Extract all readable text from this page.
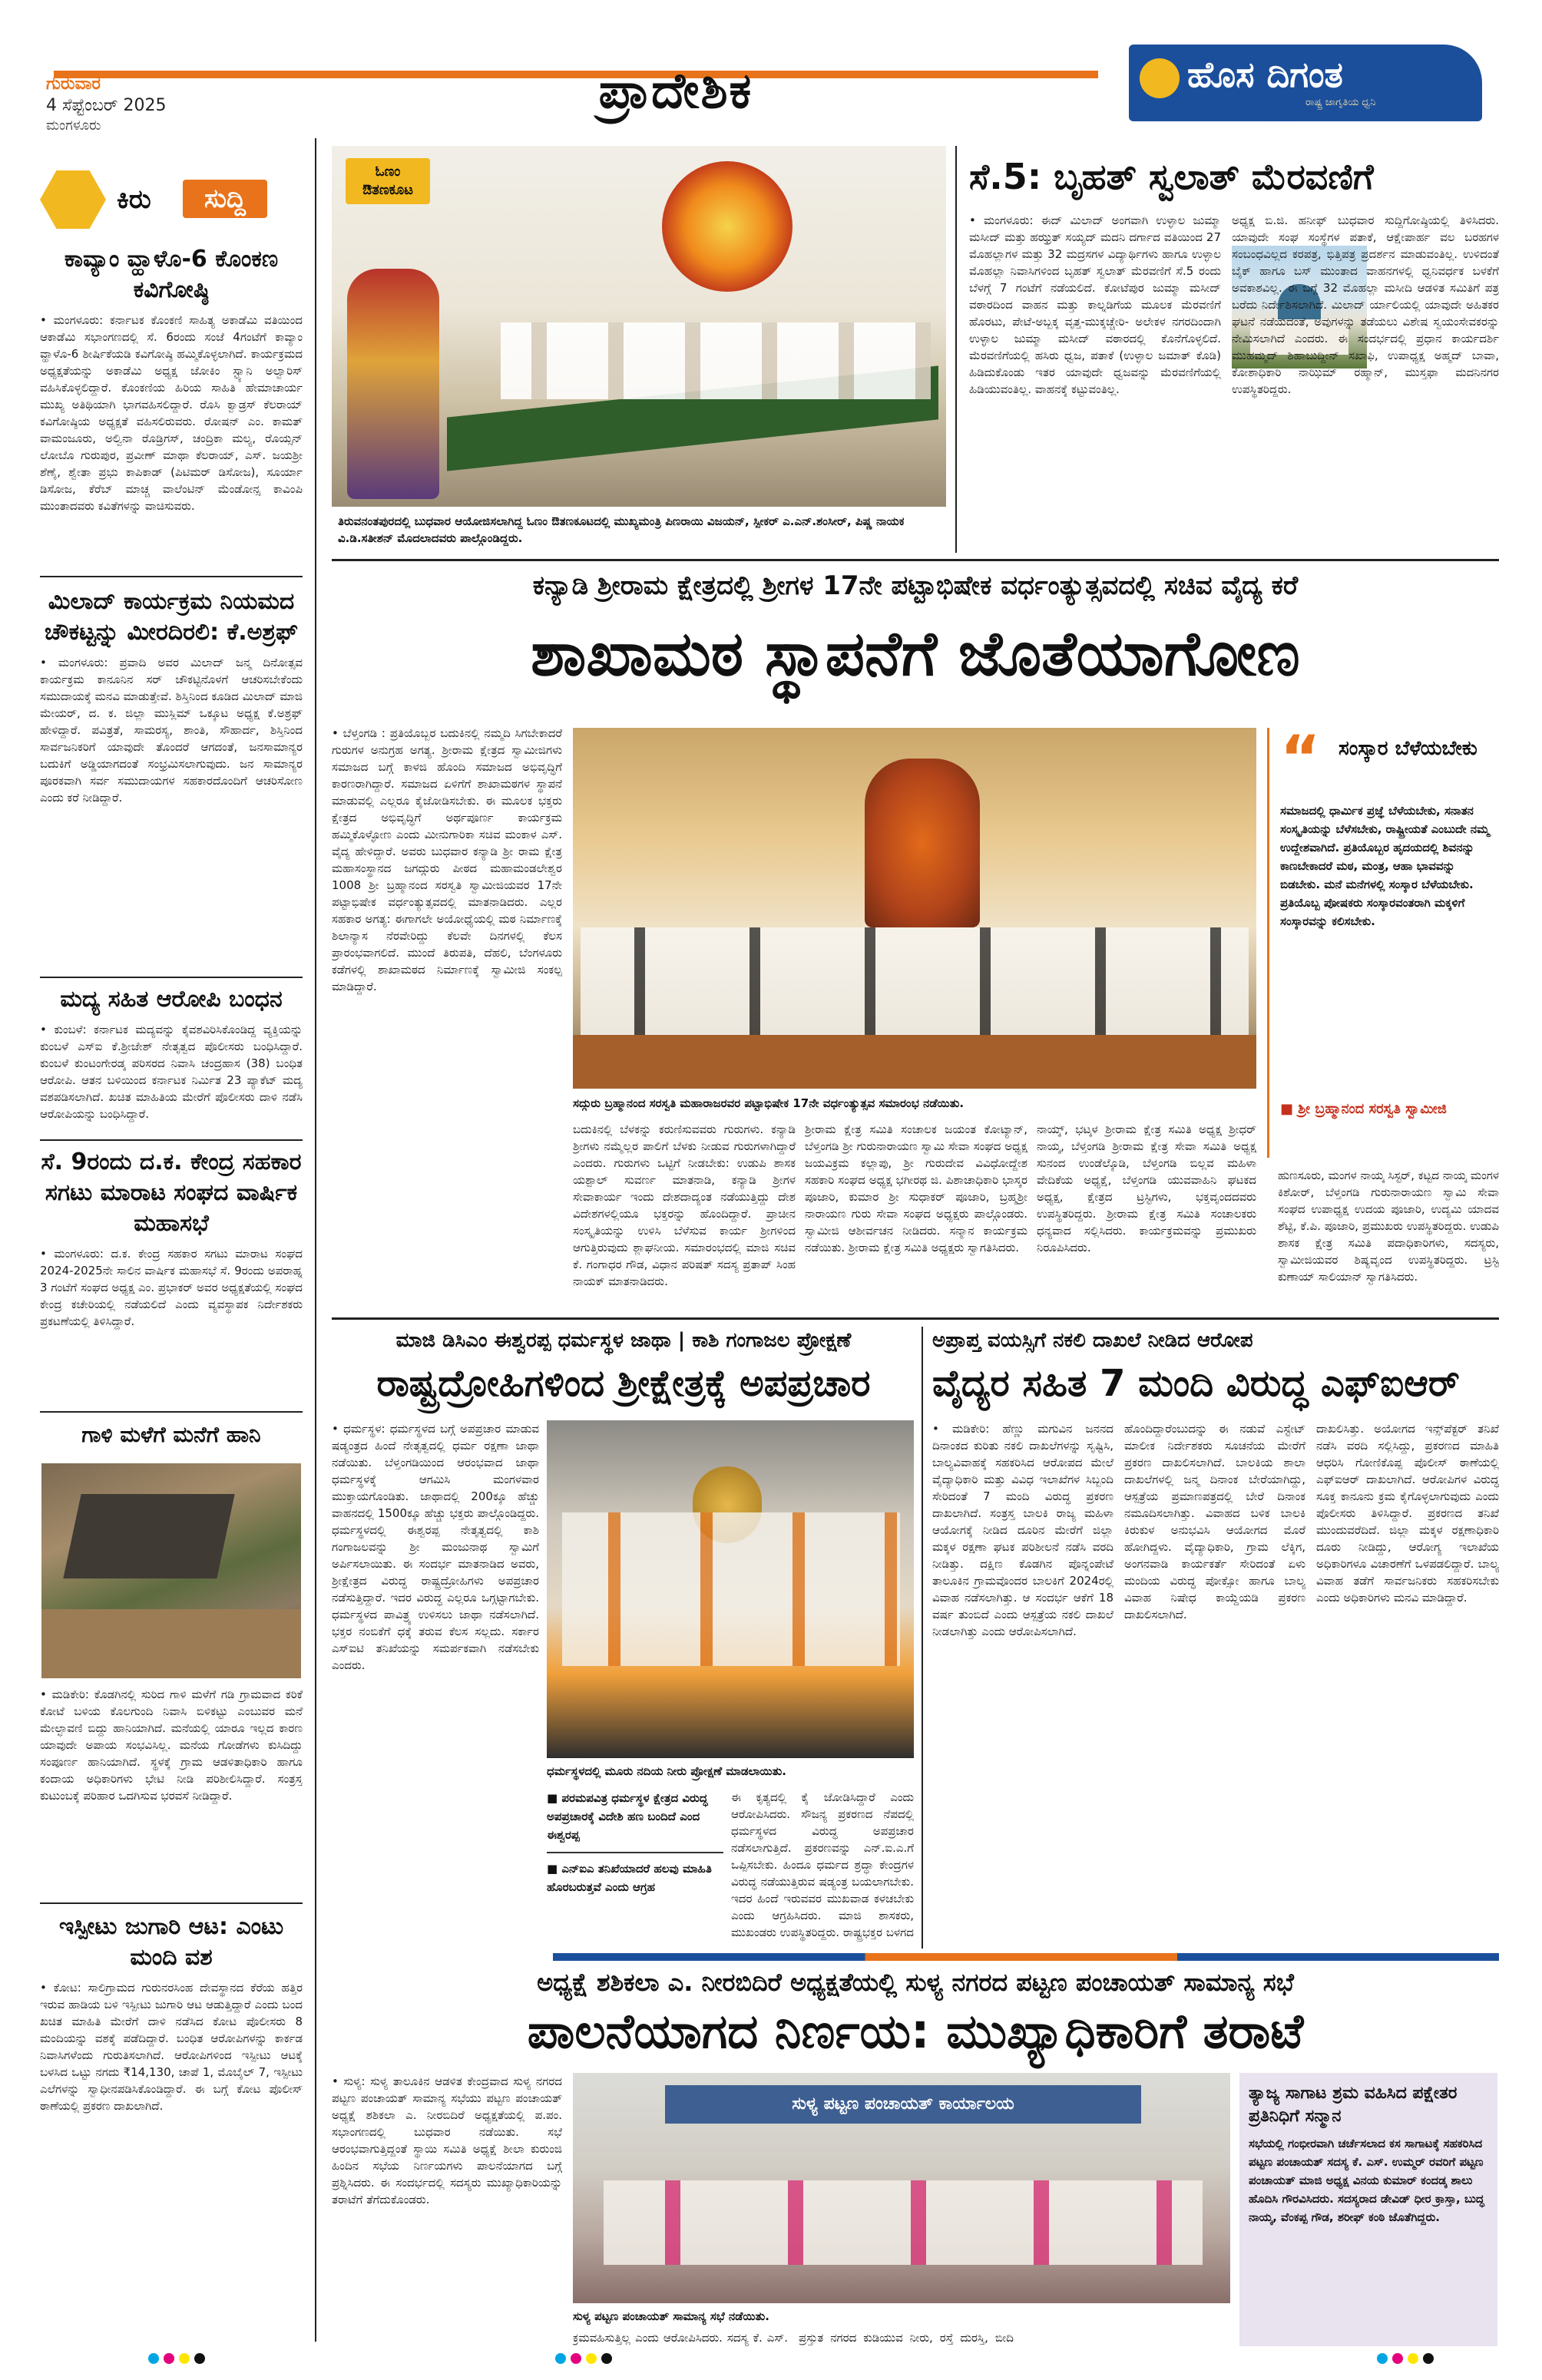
ಗುರುವಾರ
4 ಸೆಪ್ಟೆಂಬರ್ 2025
ಮಂಗಳೂರು
ಪ್ರಾದೇಶಿಕ	ಹೊಸ ದಿಗಂತ
ರಾಷ್ಟ್ರ ಜಾಗೃತಿಯ ಧ್ವನಿ
೦೭
ಕಿರು	ಸುದ್ದಿ
ಕಾವ್ಯಾಂ ವ್ಹಾಳೊ-6 ಕೊಂಕಣ ಕವಿಗೋಷ್ಠಿ
• ಮಂಗಳೂರು: ಕರ್ನಾಟಕ ಕೊಂಕಣಿ ಸಾಹಿತ್ಯ ಅಕಾಡೆಮಿ ವತಿಯಿಂದ ಆಕಾಡೆಮಿ ಸಭಾಂಗಣದಲ್ಲಿ ಸೆ. 6ರಂದು ಸಂಜೆ 4ಗಂಟೆಗೆ ಕಾವ್ಯಾಂ ವ್ಹಾಳೊ-6 ಶೀರ್ಷಿಕೆಯಡಿ ಕವಿಗೋಷ್ಠಿ ಹಮ್ಮಿಕೊಳ್ಳಲಾಗಿದೆ. ಕಾರ್ಯಕ್ರಮದ ಅಧ್ಯಕ್ಷತೆಯನ್ನು ಅಕಾಡೆಮಿ ಅಧ್ಯಕ್ಷ ಜೋಕಿಂ ಸ್ಟ್ಯಾನಿ ಅಲ್ವಾರಿಸ್ ವಹಿಸಿಕೊಳ್ಳಲಿದ್ದಾರೆ. ಕೊಂಕಣಿಯ ಹಿರಿಯ ಸಾಹಿತಿ ಹೇಮಾಚಾರ್ಯ ಮುಖ್ಯ ಅತಿಥಿಯಾಗಿ ಭಾಗವಹಿಸಲಿದ್ದಾರೆ. ರೊಸಿ ಕ್ವಾಡ್ರಸ್ ಕೆಲರಾಯ್ ಕವಿಗೋಷ್ಠಿಯ ಅಧ್ಯಕ್ಷತೆ ವಹಿಸಲಿರುವರು. ರೋಷನ್ ಎಂ. ಕಾಮತ್ ವಾಮಂಜೂರು, ಅಲ್ವಿನಾ ರೊಡ್ರಿಗಸ್, ಚಂದ್ರಿಕಾ ಮಲ್ಯ, ರೊಯ್ಸನ್ ಲೋಬೊ ಗುರುಪುರ, ಪ್ರವೀಣ್ ಮಾಥಾ ಕೆಲರಾಯ್, ಎಸ್. ಜಯಶ್ರೀ ಶೆಣೈ, ಶ್ವೇತಾ ಪ್ರಭು ಕಾಪಿಕಾಡ್ (ಪಿಟಿಮರ್ ಡಿಸೋಜ), ಸೂರ್ಯಾ ಡಿಸೋಜ, ಕೆರೆಬ್ ಮಾಚ್ಚ ವಾಲೆಂಟಿನ್ ಮೆಂಡೋನ್ಸ ಕಾವಿಂಪಿ ಮುಂತಾದವರು ಕವಿತೆಗಳನ್ನು ವಾಚಿಸುವರು.
ಮಿಲಾದ್ ಕಾರ್ಯಕ್ರಮ ನಿಯಮದ ಚೌಕಟ್ಟನ್ನು ಮೀರದಿರಲಿ: ಕೆ.ಅಶ್ರಫ್
• ಮಂಗಳೂರು: ಪ್ರವಾದಿ ಅವರ ಮಿಲಾದ್ ಜನ್ಮ ದಿನೋತ್ಸವ ಕಾರ್ಯಕ್ರಮ ಕಾನೂನಿನ ಸರ್ ಚೌಕಟ್ಟಿನೊಳಗೆ ಆಚರಿಸಬೇಕೆಂದು ಸಮುದಾಯಕ್ಕೆ ಮನವಿ ಮಾಡುತ್ತೇವೆ. ಶಿಸ್ತಿನಿಂದ ಕೂಡಿದ ಮಿಲಾದ್ ಮಾಜಿ ಮೇಯರ್, ದ. ಕ. ಜಿಲ್ಲಾ ಮುಸ್ಲಿಮ್ ಒಕ್ಕೂಟ ಅಧ್ಯಕ್ಷ ಕೆ.ಅಶ್ರಫ್ ಹೇಳಿದ್ದಾರೆ. ಪವಿತ್ರತೆ, ಸಾಮರಸ್ಯ, ಶಾಂತಿ, ಸೌಹಾರ್ದ, ಶಿಸ್ತಿನಿಂದ ಸಾರ್ವಜನಿಕರಿಗೆ ಯಾವುದೇ ತೊಂದರೆ ಆಗದಂತೆ, ಜನಸಾಮಾನ್ಯರ ಬದುಕಿಗೆ ಅಡ್ಡಿಯಾಗದಂತೆ ಸಂಭ್ರಮಿಸಲಾಗುವುದು. ಜನ ಸಾಮಾನ್ಯರ ಪೂರಕವಾಗಿ ಸರ್ವ ಸಮುದಾಯಗಳ ಸಹಕಾರದೊಂದಿಗೆ ಆಚರಿಸೋಣ ಎಂದು ಕರೆ ನೀಡಿದ್ದಾರೆ.
ಮದ್ಯ ಸಹಿತ ಆರೋಪಿ ಬಂಧನ
• ಕುಂಬಳೆ: ಕರ್ನಾಟಕ ಮದ್ಯವನ್ನು ಕೈವಶವಿರಿಸಿಕೊಂಡಿದ್ದ ವ್ಯಕ್ತಿಯನ್ನು ಕುಂಬಳೆ ಎಸ್ಐ ಕೆ.ಶ್ರೀಜೇಶ್ ನೇತೃತ್ವದ ಪೊಲೀಸರು ಬಂಧಿಸಿದ್ದಾರೆ. ಕುಂಬಳೆ ಕುಂಟಂಗೇರಡ್ಕ ಪರಿಸರದ ನಿವಾಸಿ ಚಂದ್ರಹಾಸ (38) ಬಂಧಿತ ಆರೋಪಿ. ಆತನ ಬಳಿಯಿಂದ ಕರ್ನಾಟಕ ನಿರ್ಮಿತ 23 ಪ್ಯಾಕೆಟ್ ಮದ್ಯ ವಶಪಡಿಸಲಾಗಿದೆ. ಖಚಿತ ಮಾಹಿತಿಯ ಮೇರೆಗೆ ಪೊಲೀಸರು ದಾಳಿ ನಡೆಸಿ ಆರೋಪಿಯನ್ನು ಬಂಧಿಸಿದ್ದಾರೆ.
ಸೆ. 9ರಂದು ದ.ಕ. ಕೇಂದ್ರ ಸಹಕಾರ ಸಗಟು ಮಾರಾಟ ಸಂಘದ ವಾರ್ಷಿಕ ಮಹಾಸಭೆ
• ಮಂಗಳೂರು: ದ.ಕ. ಕೇಂದ್ರ ಸಹಕಾರ ಸಗಟು ಮಾರಾಟ ಸಂಘದ 2024-2025ನೇ ಸಾಲಿನ ವಾರ್ಷಿಕ ಮಹಾಸಭೆ ಸೆ. 9ರಂದು ಅಪರಾಹ್ನ 3 ಗಂಟೆಗೆ ಸಂಘದ ಅಧ್ಯಕ್ಷ ಎಂ. ಪ್ರಭಾಕರ್ ಅವರ ಅಧ್ಯಕ್ಷತೆಯಲ್ಲಿ ಸಂಘದ ಕೇಂದ್ರ ಕಚೇರಿಯಲ್ಲಿ ನಡೆಯಲಿದೆ ಎಂದು ವ್ಯವಸ್ಥಾಪಕ ನಿರ್ದೇಶಕರು ಪ್ರಕಟಣೆಯಲ್ಲಿ ತಿಳಿಸಿದ್ದಾರೆ.
ಗಾಳಿ ಮಳೆಗೆ ಮನೆಗೆ ಹಾನಿ
• ಮಡಿಕೇರಿ: ಕೊಡಗಿನಲ್ಲಿ ಸುರಿದ ಗಾಳಿ ಮಳೆಗೆ ಗಡಿ ಗ್ರಾಮವಾದ ಕರಿಕೆ ಕೋಟೆ ಬಳಿಯ ಕೊಲಗುಂದಿ ನಿವಾಸಿ ಬಿಳಿಕಟ್ಟು ಎಂಬುವರ ಮನೆ ಮೇಲ್ಛಾವಣಿ ಬಿದ್ದು ಹಾನಿಯಾಗಿದೆ. ಮನೆಯಲ್ಲಿ ಯಾರೂ ಇಲ್ಲದ ಕಾರಣ ಯಾವುದೇ ಅಪಾಯ ಸಂಭವಿಸಿಲ್ಲ. ಮನೆಯ ಗೋಡೆಗಳು ಕುಸಿದಿದ್ದು ಸಂಪೂರ್ಣ ಹಾನಿಯಾಗಿದೆ. ಸ್ಥಳಕ್ಕೆ ಗ್ರಾಮ ಆಡಳಿತಾಧಿಕಾರಿ ಹಾಗೂ ಕಂದಾಯ ಅಧಿಕಾರಿಗಳು ಭೇಟಿ ನೀಡಿ ಪರಿಶೀಲಿಸಿದ್ದಾರೆ. ಸಂತ್ರಸ್ತ ಕುಟುಂಬಕ್ಕೆ ಪರಿಹಾರ ಒದಗಿಸುವ ಭರವಸೆ ನೀಡಿದ್ದಾರೆ.
ಇಸ್ಪೀಟು ಜುಗಾರಿ ಆಟ: ಎಂಟು ಮಂದಿ ವಶ
• ಕೋಟ: ಸಾಲಿಗ್ರಾಮದ ಗುರುನರಸಿಂಹ ದೇವಸ್ಥಾನದ ಕೆರೆಯ ಹತ್ತಿರ ಇರುವ ಹಾಡಿಯ ಬಳಿ ಇಸ್ಪೀಟು ಜುಗಾರಿ ಆಟ ಆಡುತ್ತಿದ್ದಾರೆ ಎಂದು ಬಂದ ಖಚಿತ ಮಾಹಿತಿ ಮೇರೆಗೆ ದಾಳಿ ನಡೆಸಿದ ಕೋಟ ಪೊಲೀಸರು 8 ಮಂದಿಯನ್ನು ವಶಕ್ಕೆ ಪಡೆದಿದ್ದಾರೆ. ಬಂಧಿತ ಆರೋಪಿಗಳನ್ನು ಕಾರ್ಕಡ ನಿವಾಸಿಗಳೆಂದು ಗುರುತಿಸಲಾಗಿದೆ. ಆರೋಪಿಗಳಿಂದ ಇಸ್ಪೀಟು ಆಟಕ್ಕೆ ಬಳಸಿದ ಒಟ್ಟು ನಗದು ₹14,130, ಚಾಪೆ 1, ಮೊಬೈಲ್ 7, ಇಸ್ಪೀಟು ಎಲೆಗಳನ್ನು ಸ್ವಾಧೀನಪಡಿಸಿಕೊಂಡಿದ್ದಾರೆ. ಈ ಬಗ್ಗೆ ಕೋಟ ಪೊಲೀಸ್ ಠಾಣೆಯಲ್ಲಿ ಪ್ರಕರಣ ದಾಖಲಾಗಿದೆ.
ಓಣಂ ಔತಣಕೂಟ
ತಿರುವನಂತಪುರದಲ್ಲಿ ಬುಧವಾರ ಆಯೋಜಿಸಲಾಗಿದ್ದ ಓಣಂ ಔತಣಕೂಟದಲ್ಲಿ ಮುಖ್ಯಮಂತ್ರಿ ಪಿಣರಾಯಿ ವಿಜಯನ್, ಸ್ಪೀಕರ್ ಎ.ಎನ್.ಶಂಸೀರ್, ಪಿಷ್ಣ ನಾಯಕ ವಿ.ಡಿ.ಸತೀಶನ್ ಮೊದಲಾದವರು ಪಾಲ್ಗೊಂಡಿದ್ದರು.
ಸೆ.5: ಬೃಹತ್ ಸ್ವಲಾತ್ ಮೆರವಣಿಗೆ
• ಮಂಗಳೂರು: ಈದ್ ಮಿಲಾದ್ ಅಂಗವಾಗಿ ಉಳ್ಳಾಲ ಜುಮ್ಮಾ ಮಸೀದ್ ಮತ್ತು ಹಝ್ರತ್ ಸಯ್ಯದ್ ಮದನಿ ದರ್ಗಾದ ವತಿಯಿಂದ 27 ಮೊಹಲ್ಲಾಗಳ ಮತ್ತು 32 ಮದ್ರಸಗಳ ವಿದ್ಯಾರ್ಥಿಗಳು ಹಾಗೂ ಉಳ್ಳಾಲ ಮೊಹಲ್ಲಾ ನಿವಾಸಿಗಳಿಂದ ಬೃಹತ್ ಸ್ವಲಾತ್ ಮೆರವಣಿಗೆ ಸೆ.5 ರಂದು ಬೆಳಗ್ಗೆ 7 ಗಂಟೆಗೆ ನಡೆಯಲಿದೆ. ಕೋಟೆಪುರ ಜುಮ್ಮಾ ಮಸೀದ್ ವಠಾರದಿಂದ ವಾಹನ ಮತ್ತು ಕಾಲ್ನಡಿಗೆಯ ಮೂಲಕ ಮೆರವಣಿಗೆ ಹೊರಟು, ಪೇಟೆ-ಅಬ್ಬಕ್ಕ ವೃತ್ತ-ಮುಕ್ಕಚ್ಚೇರಿ- ಅಲೇಕಳ ನಗರದಿಂದಾಗಿ ಉಳ್ಳಾಲ ಜುಮ್ಮಾ ಮಸೀದ್ ವಠಾರದಲ್ಲಿ ಕೊನೆಗೊಳ್ಳಲಿದೆ. ಮೆರವಣಿಗೆಯಲ್ಲಿ ಹಸಿರು ಧ್ವಜ, ಪತಾಕೆ (ಉಳ್ಳಾಲ ಜಮಾತ್ ಕೊಡಿ) ಹಿಡಿದುಕೊಂಡು ಇತರ ಯಾವುದೇ ಧ್ವಜವನ್ನು ಮೆರವಣಿಗೆಯಲ್ಲಿ ಹಿಡಿಯುವಂತಿಲ್ಲ. ವಾಹನಕ್ಕೆ ಕಟ್ಟುವಂತಿಲ್ಲ.
ಅಧ್ಯಕ್ಷ ಬಿ.ಜಿ. ಹನೀಫ್ ಬುಧವಾರ ಸುದ್ದಿಗೋಷ್ಠಿಯಲ್ಲಿ ತಿಳಿಸಿದರು. ಯಾವುದೇ ಸಂಘ ಸಂಸ್ಥೆಗಳ ಪತಾಕೆ, ಆಕ್ಷೇಪಾರ್ಹ ವಲ ಬರಹಗಳ ಸಂಬಂಧವಿಲ್ಲದ ಕರಪತ್ರ, ಭಿತ್ತಿಪತ್ರ ಪ್ರದರ್ಶನ ಮಾಡುವಂತಿಲ್ಲ. ಉಳಿದಂತೆ ಬೈಕ್ ಹಾಗೂ ಬಸ್ ಮುಂತಾದ ವಾಹನಗಳಲ್ಲಿ ಧ್ವನಿವರ್ಧಕ ಬಳಕೆಗೆ ಅವಕಾಶವಿಲ್ಲ. ಈ ಬಗ್ಗೆ 32 ಮೊಹಲ್ಲಾ ಮಸೀದಿ ಆಡಳಿತ ಸಮಿತಿಗೆ ಪತ್ರ ಬರೆದು ನಿರ್ದೇಶಿಸಲಾಗಿದೆ. ಮಿಲಾದ್ ರ್ಯಾಲಿಯಲ್ಲಿ ಯಾವುದೇ ಅಹಿತಕರ ಘಟನೆ ನಡೆಯದಂತೆ, ಅವುಗಳನ್ನು ತಡೆಯಲು ವಿಶೇಷ ಸ್ವಯಂಸೇವಕರನ್ನು ನೇಮಿಸಲಾಗಿದೆ ಎಂದರು. ಈ ಸಂದರ್ಭದಲ್ಲಿ ಪ್ರಧಾನ ಕಾರ್ಯದರ್ಶಿ ಮುಹಮ್ಮದ್ ಶಿಹಾಬುದ್ದೀನ್ ಸಖಾಫಿ, ಉಪಾಧ್ಯಕ್ಷ ಅಹ್ಮದ್ ಬಾವಾ, ಕೋಶಾಧಿಕಾರಿ ನಾಝಿಮ್ ರಹ್ಮಾನ್, ಮುಸ್ತಫಾ ಮದನಿನಗರ ಉಪಸ್ಥಿತರಿದ್ದರು.
ಕನ್ಯಾಡಿ ಶ್ರೀರಾಮ ಕ್ಷೇತ್ರದಲ್ಲಿ ಶ್ರೀಗಳ 17ನೇ ಪಟ್ಟಾಭಿಷೇಕ ವರ್ಧಂತ್ಯುತ್ಸವದಲ್ಲಿ ಸಚಿವ ವೈದ್ಯ ಕರೆ
ಶಾಖಾಮಠ ಸ್ಥಾಪನೆಗೆ ಜೊತೆಯಾಗೋಣ
• ಬೆಳ್ತಂಗಡಿ : ಪ್ರತಿಯೊಬ್ಬರ ಬದುಕಿನಲ್ಲಿ ನಮ್ಮದಿ ಸಿಗಬೇಕಾದರೆ ಗುರುಗಳ ಅನುಗ್ರಹ ಅಗತ್ಯ. ಶ್ರೀರಾಮ ಕ್ಷೇತ್ರದ ಸ್ವಾಮೀಜಿಗಳು ಸಮಾಜದ ಬಗ್ಗೆ ಕಾಳಜಿ ಹೊಂದಿ ಸಮಾಜದ ಅಭಿವೃದ್ಧಿಗೆ ಕಾರಣರಾಗಿದ್ದಾರೆ. ಸಮಾಜದ ಏಳಿಗೆಗೆ ಶಾಖಾಮಠಗಳ ಸ್ಥಾಪನೆ ಮಾಡುವಲ್ಲಿ ಎಲ್ಲರೂ ಕೈಜೋಡಿಸಬೇಕು. ಈ ಮೂಲಕ ಭಕ್ತರು ಕ್ಷೇತ್ರದ ಅಭಿವೃದ್ಧಿಗೆ ಅರ್ಥಪೂರ್ಣ ಕಾರ್ಯಕ್ರಮ ಹಮ್ಮಿಕೊಳ್ಳೋಣ ಎಂದು ಮೀನುಗಾರಿಕಾ ಸಚಿವ ಮಂಕಾಳ ಎಸ್. ವೈದ್ಯ ಹೇಳಿದ್ದಾರೆ. ಅವರು ಬುಧವಾರ ಕನ್ಯಾಡಿ ಶ್ರೀ ರಾಮ ಕ್ಷೇತ್ರ ಮಹಾಸಂಸ್ಥಾನದ ಜಗದ್ಗುರು ಪೀಠದ ಮಹಾಮಂಡಲೇಶ್ವರ 1008 ಶ್ರೀ ಬ್ರಹ್ಮಾನಂದ ಸರಸ್ವತಿ ಸ್ವಾಮೀಜಿಯವರ 17ನೇ ಪಟ್ಟಾಭಿಷೇಕ ವರ್ಧಂತ್ಯುತ್ಸವದಲ್ಲಿ ಮಾತನಾಡಿದರು. ಎಲ್ಲರ ಸಹಕಾರ ಅಗತ್ಯ: ಈಗಾಗಲೇ ಅಯೋಧ್ಯೆಯಲ್ಲಿ ಮಠ ನಿರ್ಮಾಣಕ್ಕೆ ಶಿಲಾನ್ಯಾಸ ನೆರವೇರಿದ್ದು ಕೆಲವೇ ದಿನಗಳಲ್ಲಿ ಕೆಲಸ ಪ್ರಾರಂಭವಾಗಲಿದೆ. ಮುಂದೆ ತಿರುಪತಿ, ದೆಹಲಿ, ಬೆಂಗಳೂರು ಕಡೆಗಳಲ್ಲಿ ಶಾಖಾಮಠದ ನಿರ್ಮಾಣಕ್ಕೆ ಸ್ವಾಮೀಜಿ ಸಂಕಲ್ಪ ಮಾಡಿದ್ದಾರೆ.
ಸದ್ಗುರು ಬ್ರಹ್ಮಾನಂದ ಸರಸ್ವತಿ ಮಹಾರಾಜರವರ ಪಟ್ಟಾಭಿಷೇಕ 17ನೇ ವರ್ಧಂತ್ಯುತ್ಸವ ಸಮಾರಂಭ ನಡೆಯಿತು.
“ ಸಂಸ್ಕಾರ ಬೆಳೆಯಬೇಕು
ಸಮಾಜದಲ್ಲಿ ಧಾರ್ಮಿಕ ಪ್ರಜ್ಞೆ ಬೆಳೆಯಬೇಕು, ಸನಾತನ ಸಂಸ್ಕೃತಿಯನ್ನು ಬೆಳೆಸಬೇಕು, ರಾಷ್ಟ್ರೀಯತೆ ಎಂಬುದೇ ನಮ್ಮ ಉದ್ದೇಶವಾಗಿದೆ. ಪ್ರತಿಯೊಬ್ಬರ ಹೃದಯದಲ್ಲಿ ಶಿವನನ್ನು ಕಾಣಬೇಕಾದರೆ ಮಠ, ಮಂತ್ರ, ಆಹಾ ಭಾವವನ್ನು ಬಿಡಬೇಕು. ಮನೆ ಮನೆಗಳಲ್ಲಿ ಸಂಸ್ಕಾರ ಬೆಳೆಯಬೇಕು. ಪ್ರತಿಯೊಬ್ಬ ಪೋಷಕರು ಸಂಸ್ಕಾರವಂತರಾಗಿ ಮಕ್ಕಳಿಗೆ ಸಂಸ್ಕಾರವನ್ನು ಕಲಿಸಬೇಕು.
■ ಶ್ರೀ ಬ್ರಹ್ಮಾನಂದ ಸರಸ್ವತಿ ಸ್ವಾಮೀಜಿ
ಬದುಕಿನಲ್ಲಿ ಬೆಳಕನ್ನು ಕರುಣಿಸುವವರು ಗುರುಗಳು. ಕನ್ಯಾಡಿ ಶ್ರೀಗಳು ನಮ್ಮೆಲ್ಲರ ಪಾಲಿಗೆ ಬೆಳಕು ನೀಡುವ ಗುರುಗಳಾಗಿದ್ದಾರೆ ಎಂದರು. ಗುರುಗಳು ಒಟ್ಟಿಗೆ ನೀಡಬೇಕು: ಉಡುಪಿ ಶಾಸಕ ಯಶ್ಪಾಲ್ ಸುವರ್ಣ ಮಾತನಾಡಿ, ಕನ್ಯಾಡಿ ಶ್ರೀಗಳ ಸೇವಾಕಾರ್ಯ ಇಂದು ದೇಶದಾದ್ಯಂತ ನಡೆಯುತ್ತಿದ್ದು ದೇಶ ವಿದೇಶಗಳಲ್ಲಿಯೂ ಭಕ್ತರನ್ನು ಹೊಂದಿದ್ದಾರೆ. ಪ್ರಾಚೀನ ಸಂಸ್ಕೃತಿಯನ್ನು ಉಳಿಸಿ ಬೆಳೆಸುವ ಕಾರ್ಯ ಶ್ರೀಗಳಿಂದ ಆಗುತ್ತಿರುವುದು ಶ್ಲಾಘನೀಯ. ಸಮಾರಂಭದಲ್ಲಿ ಮಾಜಿ ಸಚಿವ ಕೆ. ಗಂಗಾಧರ ಗೌಡ, ವಿಧಾನ ಪರಿಷತ್ ಸದಸ್ಯ ಪ್ರತಾಪ್ ಸಿಂಹ ನಾಯಕ್ ಮಾತನಾಡಿದರು.
ಶ್ರೀರಾಮ ಕ್ಷೇತ್ರ ಸಮಿತಿ ಸಂಚಾಲಕ ಜಯಂತ ಕೋಟ್ಯಾನ್, ಬೆಳ್ತಂಗಡಿ ಶ್ರೀ ಗುರುನಾರಾಯಣ ಸ್ವಾಮಿ ಸೇವಾ ಸಂಘದ ಅಧ್ಯಕ್ಷ ಜಯವಿಕ್ರಮ ಕಲ್ಲಾಪು, ಶ್ರೀ ಗುರುದೇವ ವಿವಿಧೋದ್ದೇಶ ಸಹಕಾರಿ ಸಂಘದ ಅಧ್ಯಕ್ಷ ಭಗೀರಥ ಜಿ. ಪಿಶಾಚಾಧಿಕಾರಿ ಭಾಸ್ಕರ ಪೂಜಾರಿ, ಕುಮಾರ ಶ್ರೀ ಸುಧಾಕರ್ ಪೂಜಾರಿ, ಬ್ರಹ್ಮಶ್ರೀ ನಾರಾಯಣ ಗುರು ಸೇವಾ ಸಂಘದ ಅಧ್ಯಕ್ಷರು ಪಾಲ್ಗೊಂಡರು. ಸ್ವಾಮೀಜಿ ಆಶೀರ್ವಚನ ನೀಡಿದರು. ಸನ್ಮಾನ ಕಾರ್ಯಕ್ರಮ ನಡೆಯಿತು. ಶ್ರೀರಾಮ ಕ್ಷೇತ್ರ ಸಮಿತಿ ಅಧ್ಯಕ್ಷರು ಸ್ವಾಗತಿಸಿದರು.
ನಾಯ್ಕ್, ಭಟ್ಕಳ ಶ್ರೀರಾಮ ಕ್ಷೇತ್ರ ಸಮಿತಿ ಅಧ್ಯಕ್ಷ ಶ್ರೀಧರ್ ನಾಯ್ಕ, ಬೆಳ್ತಂಗಡಿ ಶ್ರೀರಾಮ ಕ್ಷೇತ್ರ ಸೇವಾ ಸಮಿತಿ ಅಧ್ಯಕ್ಷ ಸುನಂದ ಉಂಡೆಲ್ಕೊಡಿ, ಬೆಳ್ತಂಗಡಿ ಬಿಲ್ಲವ ಮಹಿಳಾ ವೇದಿಕೆಯ ಅಧ್ಯಕ್ಷೆ, ಬೆಳ್ತಂಗಡಿ ಯುವವಾಹಿನಿ ಘಟಕದ ಅಧ್ಯಕ್ಷ, ಕ್ಷೇತ್ರದ ಟ್ರಸ್ಟಿಗಳು, ಭಕ್ತವೃಂದದವರು ಉಪಸ್ಥಿತರಿದ್ದರು. ಶ್ರೀರಾಮ ಕ್ಷೇತ್ರ ಸಮಿತಿ ಸಂಚಾಲಕರು ಧನ್ಯವಾದ ಸಲ್ಲಿಸಿದರು. ಕಾರ್ಯಕ್ರಮವನ್ನು ಪ್ರಮುಖರು ನಿರೂಪಿಸಿದರು.
ಹುಣಸೂರು, ಮಂಗಳ ನಾಯ್ಕ ಸಿಸ್ಟರ್, ಕಟ್ಟದ ನಾಯ್ಕ ಮಂಗಳ ಕಿಶೋರ್, ಬೆಳ್ತಂಗಡಿ ಗುರುನಾರಾಯಣ ಸ್ವಾಮಿ ಸೇವಾ ಸಂಘದ ಉಪಾಧ್ಯಕ್ಷ ಉದಯ ಪೂಜಾರಿ, ಉದ್ಯಮಿ ಯಾದವ ಶೆಟ್ಟಿ, ಕೆ.ಪಿ. ಪೂಜಾರಿ, ಪ್ರಮುಖರು ಉಪಸ್ಥಿತರಿದ್ದರು. ಉಡುಪಿ ಶಾಸಕ ಕ್ಷೇತ್ರ ಸಮಿತಿ ಪದಾಧಿಕಾರಿಗಳು, ಸದಸ್ಯರು, ಸ್ವಾಮೀಜಿಯವರ ಶಿಷ್ಯವೃಂದ ಉಪಸ್ಥಿತರಿದ್ದರು. ಟ್ರಸ್ಟಿ ಕುಣಾಯ್ ಸಾಲಿಯಾನ್ ಸ್ವಾಗತಿಸಿದರು.
ಮಾಜಿ ಡಿಸಿಎಂ ಈಶ್ವರಪ್ಪ ಧರ್ಮಸ್ಥಳ ಜಾಥಾ | ಕಾಶಿ ಗಂಗಾಜಲ ಪ್ರೋಕ್ಷಣೆ
ರಾಷ್ಟ್ರದ್ರೋಹಿಗಳಿಂದ ಶ್ರೀಕ್ಷೇತ್ರಕ್ಕೆ ಅಪಪ್ರಚಾರ
• ಧರ್ಮಸ್ಥಳ: ಧರ್ಮಸ್ಥಳದ ಬಗ್ಗೆ ಅಪಪ್ರಚಾರ ಮಾಡುವ ಷಡ್ಯಂತ್ರದ ಹಿಂದೆ ನೇತೃತ್ವದಲ್ಲಿ ಧರ್ಮ ರಕ್ಷಣಾ ಜಾಥಾ ನಡೆಯಿತು. ಬೆಳ್ತಂಗಡಿಯಿಂದ ಆರಂಭವಾದ ಜಾಥಾ ಧರ್ಮಸ್ಥಳಕ್ಕೆ ಆಗಮಿಸಿ ಮಂಗಳವಾರ ಮುಕ್ತಾಯಗೊಂಡಿತು. ಜಾಥಾದಲ್ಲಿ 200ಕ್ಕೂ ಹೆಚ್ಚು ವಾಹನದಲ್ಲಿ 1500ಕ್ಕೂ ಹೆಚ್ಚು ಭಕ್ತರು ಪಾಲ್ಗೊಂಡಿದ್ದರು. ಧರ್ಮಸ್ಥಳದಲ್ಲಿ ಈಶ್ವರಪ್ಪ ನೇತೃತ್ವದಲ್ಲಿ ಕಾಶಿ ಗಂಗಾಜಲವನ್ನು ಶ್ರೀ ಮಂಜುನಾಥ ಸ್ವಾಮಿಗೆ ಅರ್ಪಿಸಲಾಯಿತು. ಈ ಸಂದರ್ಭ ಮಾತನಾಡಿದ ಅವರು, ಶ್ರೀಕ್ಷೇತ್ರದ ವಿರುದ್ಧ ರಾಷ್ಟ್ರದ್ರೋಹಿಗಳು ಅಪಪ್ರಚಾರ ನಡೆಸುತ್ತಿದ್ದಾರೆ. ಇದರ ವಿರುದ್ಧ ಎಲ್ಲರೂ ಒಗ್ಗಟ್ಟಾಗಬೇಕು. ಧರ್ಮಸ್ಥಳದ ಪಾವಿತ್ರ್ಯ ಉಳಿಸಲು ಜಾಥಾ ನಡೆಸಲಾಗಿದೆ. ಭಕ್ತರ ನಂಬಿಕೆಗೆ ಧಕ್ಕೆ ತರುವ ಕೆಲಸ ಸಲ್ಲದು. ಸರ್ಕಾರ ಎಸ್ಐಟಿ ತನಿಖೆಯನ್ನು ಸಮರ್ಪಕವಾಗಿ ನಡೆಸಬೇಕು ಎಂದರು.
ಧರ್ಮಸ್ಥಳದಲ್ಲಿ ಮೂರು ನದಿಯ ನೀರು ಪ್ರೋಕ್ಷಣೆ ಮಾಡಲಾಯಿತು.
■ ಪರಮಪವಿತ್ರ ಧರ್ಮಸ್ಥಳ ಕ್ಷೇತ್ರದ ವಿರುದ್ಧ ಅಪಪ್ರಚಾರಕ್ಕೆ ವಿದೇಶಿ ಹಣ ಬಂದಿದೆ ಎಂದ ಈಶ್ವರಪ್ಪ
■ ಎನ್ಐಎ ತನಿಖೆಯಾದರೆ ಹಲವು ಮಾಹಿತಿ ಹೊರಬರುತ್ತವೆ ಎಂದು ಆಗ್ರಹ
ಈ ಕೃತ್ಯದಲ್ಲಿ ಕೈ ಜೋಡಿಸಿದ್ದಾರೆ ಎಂದು ಆರೋಪಿಸಿದರು. ಸೌಜನ್ಯ ಪ್ರಕರಣದ ನೆಪದಲ್ಲಿ ಧರ್ಮಸ್ಥಳದ ವಿರುದ್ಧ ಅಪಪ್ರಚಾರ ನಡೆಸಲಾಗುತ್ತಿದೆ. ಪ್ರಕರಣವನ್ನು ಎನ್.ಐ.ಎ.ಗೆ ಒಪ್ಪಿಸಬೇಕು. ಹಿಂದೂ ಧರ್ಮದ ಶ್ರದ್ಧಾ ಕೇಂದ್ರಗಳ ವಿರುದ್ಧ ನಡೆಯುತ್ತಿರುವ ಷಡ್ಯಂತ್ರ ಬಯಲಾಗಬೇಕು. ಇದರ ಹಿಂದೆ ಇರುವವರ ಮುಖವಾಡ ಕಳಚಬೇಕು ಎಂದು ಆಗ್ರಹಿಸಿದರು. ಮಾಜಿ ಶಾಸಕರು, ಮುಖಂಡರು ಉಪಸ್ಥಿತರಿದ್ದರು. ರಾಷ್ಟ್ರಭಕ್ತರ ಬಳಗದ
ಅಪ್ರಾಪ್ತ ವಯಸ್ಸಿಗೆ ನಕಲಿ ದಾಖಲೆ ನೀಡಿದ ಆರೋಪ
ವೈದ್ಯರ ಸಹಿತ 7 ಮಂದಿ ವಿರುದ್ಧ ಎಫ್ಐಆರ್
• ಮಡಿಕೇರಿ: ಹೆಣ್ಣು ಮಗುವಿನ ಜನನದ ದಿನಾಂಕದ ಕುರಿತು ನಕಲಿ ದಾಖಲೆಗಳನ್ನು ಸೃಷ್ಟಿಸಿ, ಬಾಲ್ಯವಿವಾಹಕ್ಕೆ ಸಹಕರಿಸಿದ ಆರೋಪದ ಮೇಲೆ ವೈದ್ಯಾಧಿಕಾರಿ ಮತ್ತು ವಿವಿಧ ಇಲಾಖೆಗಳ ಸಿಬ್ಬಂದಿ ಸೇರಿದಂತೆ 7 ಮಂದಿ ವಿರುದ್ಧ ಪ್ರಕರಣ ದಾಖಲಾಗಿದೆ. ಸಂತ್ರಸ್ತ ಬಾಲಕಿ ರಾಜ್ಯ ಮಹಿಳಾ ಆಯೋಗಕ್ಕೆ ನೀಡಿದ ದೂರಿನ ಮೇರೆಗೆ ಜಿಲ್ಲಾ ಮಕ್ಕಳ ರಕ್ಷಣಾ ಘಟಕ ಪರಿಶೀಲನೆ ನಡೆಸಿ ವರದಿ ನೀಡಿತ್ತು. ದಕ್ಷಿಣ ಕೊಡಗಿನ ಪೊನ್ನಂಪೇಟೆ ತಾಲೂಕಿನ ಗ್ರಾಮವೊಂದರ ಬಾಲಕಿಗೆ 2024ರಲ್ಲಿ ವಿವಾಹ ನಡೆಸಲಾಗಿತ್ತು. ಆ ಸಂದರ್ಭ ಆಕೆಗೆ 18 ವರ್ಷ ತುಂಬಿದೆ ಎಂದು ಆಸ್ಪತ್ರೆಯ ನಕಲಿ ದಾಖಲೆ ನೀಡಲಾಗಿತ್ತು ಎಂದು ಆರೋಪಿಸಲಾಗಿದೆ.
ಹೊಂದಿದ್ದಾರೆಂಬುದನ್ನು ಈ ನಡುವೆ ಎಸ್ಟೇಟ್ ಮಾಲೀಕ ನಿರ್ದೇಶಕರು ಸೂಚನೆಯ ಮೇರೆಗೆ ಪ್ರಕರಣ ದಾಖಲಿಸಲಾಗಿದೆ. ಬಾಲಕಿಯ ಶಾಲಾ ದಾಖಲೆಗಳಲ್ಲಿ ಜನ್ಮ ದಿನಾಂಕ ಬೇರೆಯಾಗಿದ್ದು, ಆಸ್ಪತ್ರೆಯ ಪ್ರಮಾಣಪತ್ರದಲ್ಲಿ ಬೇರೆ ದಿನಾಂಕ ನಮೂದಿಸಲಾಗಿತ್ತು. ವಿವಾಹದ ಬಳಿಕ ಬಾಲಕಿ ಕಿರುಕುಳ ಅನುಭವಿಸಿ ಆಯೋಗದ ಮೊರೆ ಹೋಗಿದ್ದಳು. ವೈದ್ಯಾಧಿಕಾರಿ, ಗ್ರಾಮ ಲೆಕ್ಕಿಗ, ಅಂಗನವಾಡಿ ಕಾರ್ಯಕರ್ತೆ ಸೇರಿದಂತೆ ಏಳು ಮಂದಿಯ ವಿರುದ್ಧ ಪೋಕ್ಸೋ ಹಾಗೂ ಬಾಲ್ಯ ವಿವಾಹ ನಿಷೇಧ ಕಾಯ್ದೆಯಡಿ ಪ್ರಕರಣ ದಾಖಲಿಸಲಾಗಿದೆ.
ದಾಖಲಿಸಿತ್ತು. ಅಯೋಗದ ಇನ್ಸ್‌ಪೆಕ್ಟರ್ ತನಿಖೆ ನಡೆಸಿ ವರದಿ ಸಲ್ಲಿಸಿದ್ದು, ಪ್ರಕರಣದ ಮಾಹಿತಿ ಆಧರಿಸಿ ಗೋಣಿಕೊಪ್ಪ ಪೊಲೀಸ್ ಠಾಣೆಯಲ್ಲಿ ಎಫ್ಐಆರ್ ದಾಖಲಾಗಿದೆ. ಆರೋಪಿಗಳ ವಿರುದ್ಧ ಸೂಕ್ತ ಕಾನೂನು ಕ್ರಮ ಕೈಗೊಳ್ಳಲಾಗುವುದು ಎಂದು ಪೊಲೀಸರು ತಿಳಿಸಿದ್ದಾರೆ. ಪ್ರಕರಣದ ತನಿಖೆ ಮುಂದುವರೆದಿದೆ. ಜಿಲ್ಲಾ ಮಕ್ಕಳ ರಕ್ಷಣಾಧಿಕಾರಿ ದೂರು ನೀಡಿದ್ದು, ಆರೋಗ್ಯ ಇಲಾಖೆಯ ಅಧಿಕಾರಿಗಳೂ ವಿಚಾರಣೆಗೆ ಒಳಪಡಲಿದ್ದಾರೆ. ಬಾಲ್ಯ ವಿವಾಹ ತಡೆಗೆ ಸಾರ್ವಜನಿಕರು ಸಹಕರಿಸಬೇಕು ಎಂದು ಅಧಿಕಾರಿಗಳು ಮನವಿ ಮಾಡಿದ್ದಾರೆ.
ಅಧ್ಯಕ್ಷೆ ಶಶಿಕಲಾ ಎ. ನೀರಬಿದಿರೆ ಅಧ್ಯಕ್ಷತೆಯಲ್ಲಿ ಸುಳ್ಯ ನಗರದ ಪಟ್ಟಣ ಪಂಚಾಯತ್ ಸಾಮಾನ್ಯ ಸಭೆ
ಪಾಲನೆಯಾಗದ ನಿರ್ಣಯ: ಮುಖ್ಯಾಧಿಕಾರಿಗೆ ತರಾಟೆ
• ಸುಳ್ಯ: ಸುಳ್ಯ ತಾಲೂಕಿನ ಆಡಳಿತ ಕೇಂದ್ರವಾದ ಸುಳ್ಯ ನಗರದ ಪಟ್ಟಣ ಪಂಚಾಯತ್ ಸಾಮಾನ್ಯ ಸಭೆಯು ಪಟ್ಟಣ ಪಂಚಾಯತ್ ಅಧ್ಯಕ್ಷೆ ಶಶಿಕಲಾ ಎ. ನೀರಬಿದಿರೆ ಅಧ್ಯಕ್ಷತೆಯಲ್ಲಿ ಪ.ಪಂ. ಸಭಾಂಗಣದಲ್ಲಿ ಬುಧವಾರ ನಡೆಯಿತು. ಸಭೆ ಆರಂಭವಾಗುತ್ತಿದ್ದಂತೆ ಸ್ಥಾಯಿ ಸಮಿತಿ ಅಧ್ಯಕ್ಷೆ ಶೀಲಾ ಕುರುಂಜಿ ಹಿಂದಿನ ಸಭೆಯ ನಿರ್ಣಯಗಳು ಪಾಲನೆಯಾಗದ ಬಗ್ಗೆ ಪ್ರಶ್ನಿಸಿದರು. ಈ ಸಂದರ್ಭದಲ್ಲಿ ಸದಸ್ಯರು ಮುಖ್ಯಾಧಿಕಾರಿಯನ್ನು ತರಾಟೆಗೆ ತೆಗೆದುಕೊಂಡರು.
ಸುಳ್ಯ ಪಟ್ಟಣ ಪಂಚಾಯತ್ ಕಾರ್ಯಾಲಯ
ಸುಳ್ಯ ಪಟ್ಟಣ ಪಂಚಾಯತ್ ಸಾಮಾನ್ಯ ಸಭೆ ನಡೆಯಿತು.
ಕ್ರಮವಹಿಸುತ್ತಿಲ್ಲ ಎಂದು ಆರೋಪಿಸಿದರು. ಸದಸ್ಯ ಕೆ. ಎಸ್. ಪ್ರಸ್ತುತ ನಗರದ ಕುಡಿಯುವ ನೀರು, ರಸ್ತೆ ದುರಸ್ತಿ, ಬೀದಿ
ತ್ಯಾಜ್ಯ ಸಾಗಾಟ ಶ್ರಮ ವಹಿಸಿದ ಪಕ್ಷೇತರ ಪ್ರತಿನಿಧಿಗೆ ಸನ್ಮಾನ
ಸಭೆಯಲ್ಲಿ ಗಂಭೀರವಾಗಿ ಚರ್ಚೆಸಲಾದ ಕಸ ಸಾಗಾಟಕ್ಕೆ ಸಹಕರಿಸಿದ ಪಟ್ಟಣ ಪಂಚಾಯತ್ ಸದಸ್ಯ ಕೆ. ಎಸ್. ಉಮ್ಮರ್ ರವರಿಗೆ ಪಟ್ಟಣ ಪಂಚಾಯತ್ ಮಾಜಿ ಅಧ್ಯಕ್ಷ ವಿನಯ ಕುಮಾರ್ ಕಂದಡ್ಕ ಶಾಲು ಹೊದಿಸಿ ಗೌರವಿಸಿದರು. ಸದಸ್ಯರಾದ ಡೇವಿಡ್ ಧೀರ ಕ್ರಾಸ್ತಾ, ಬುದ್ಧ ನಾಯ್ಕ, ವೆಂಕಪ್ಪ ಗೌಡ, ಶರೀಫ್ ಕಂಠಿ ಜೊತೆಗಿದ್ದರು.
